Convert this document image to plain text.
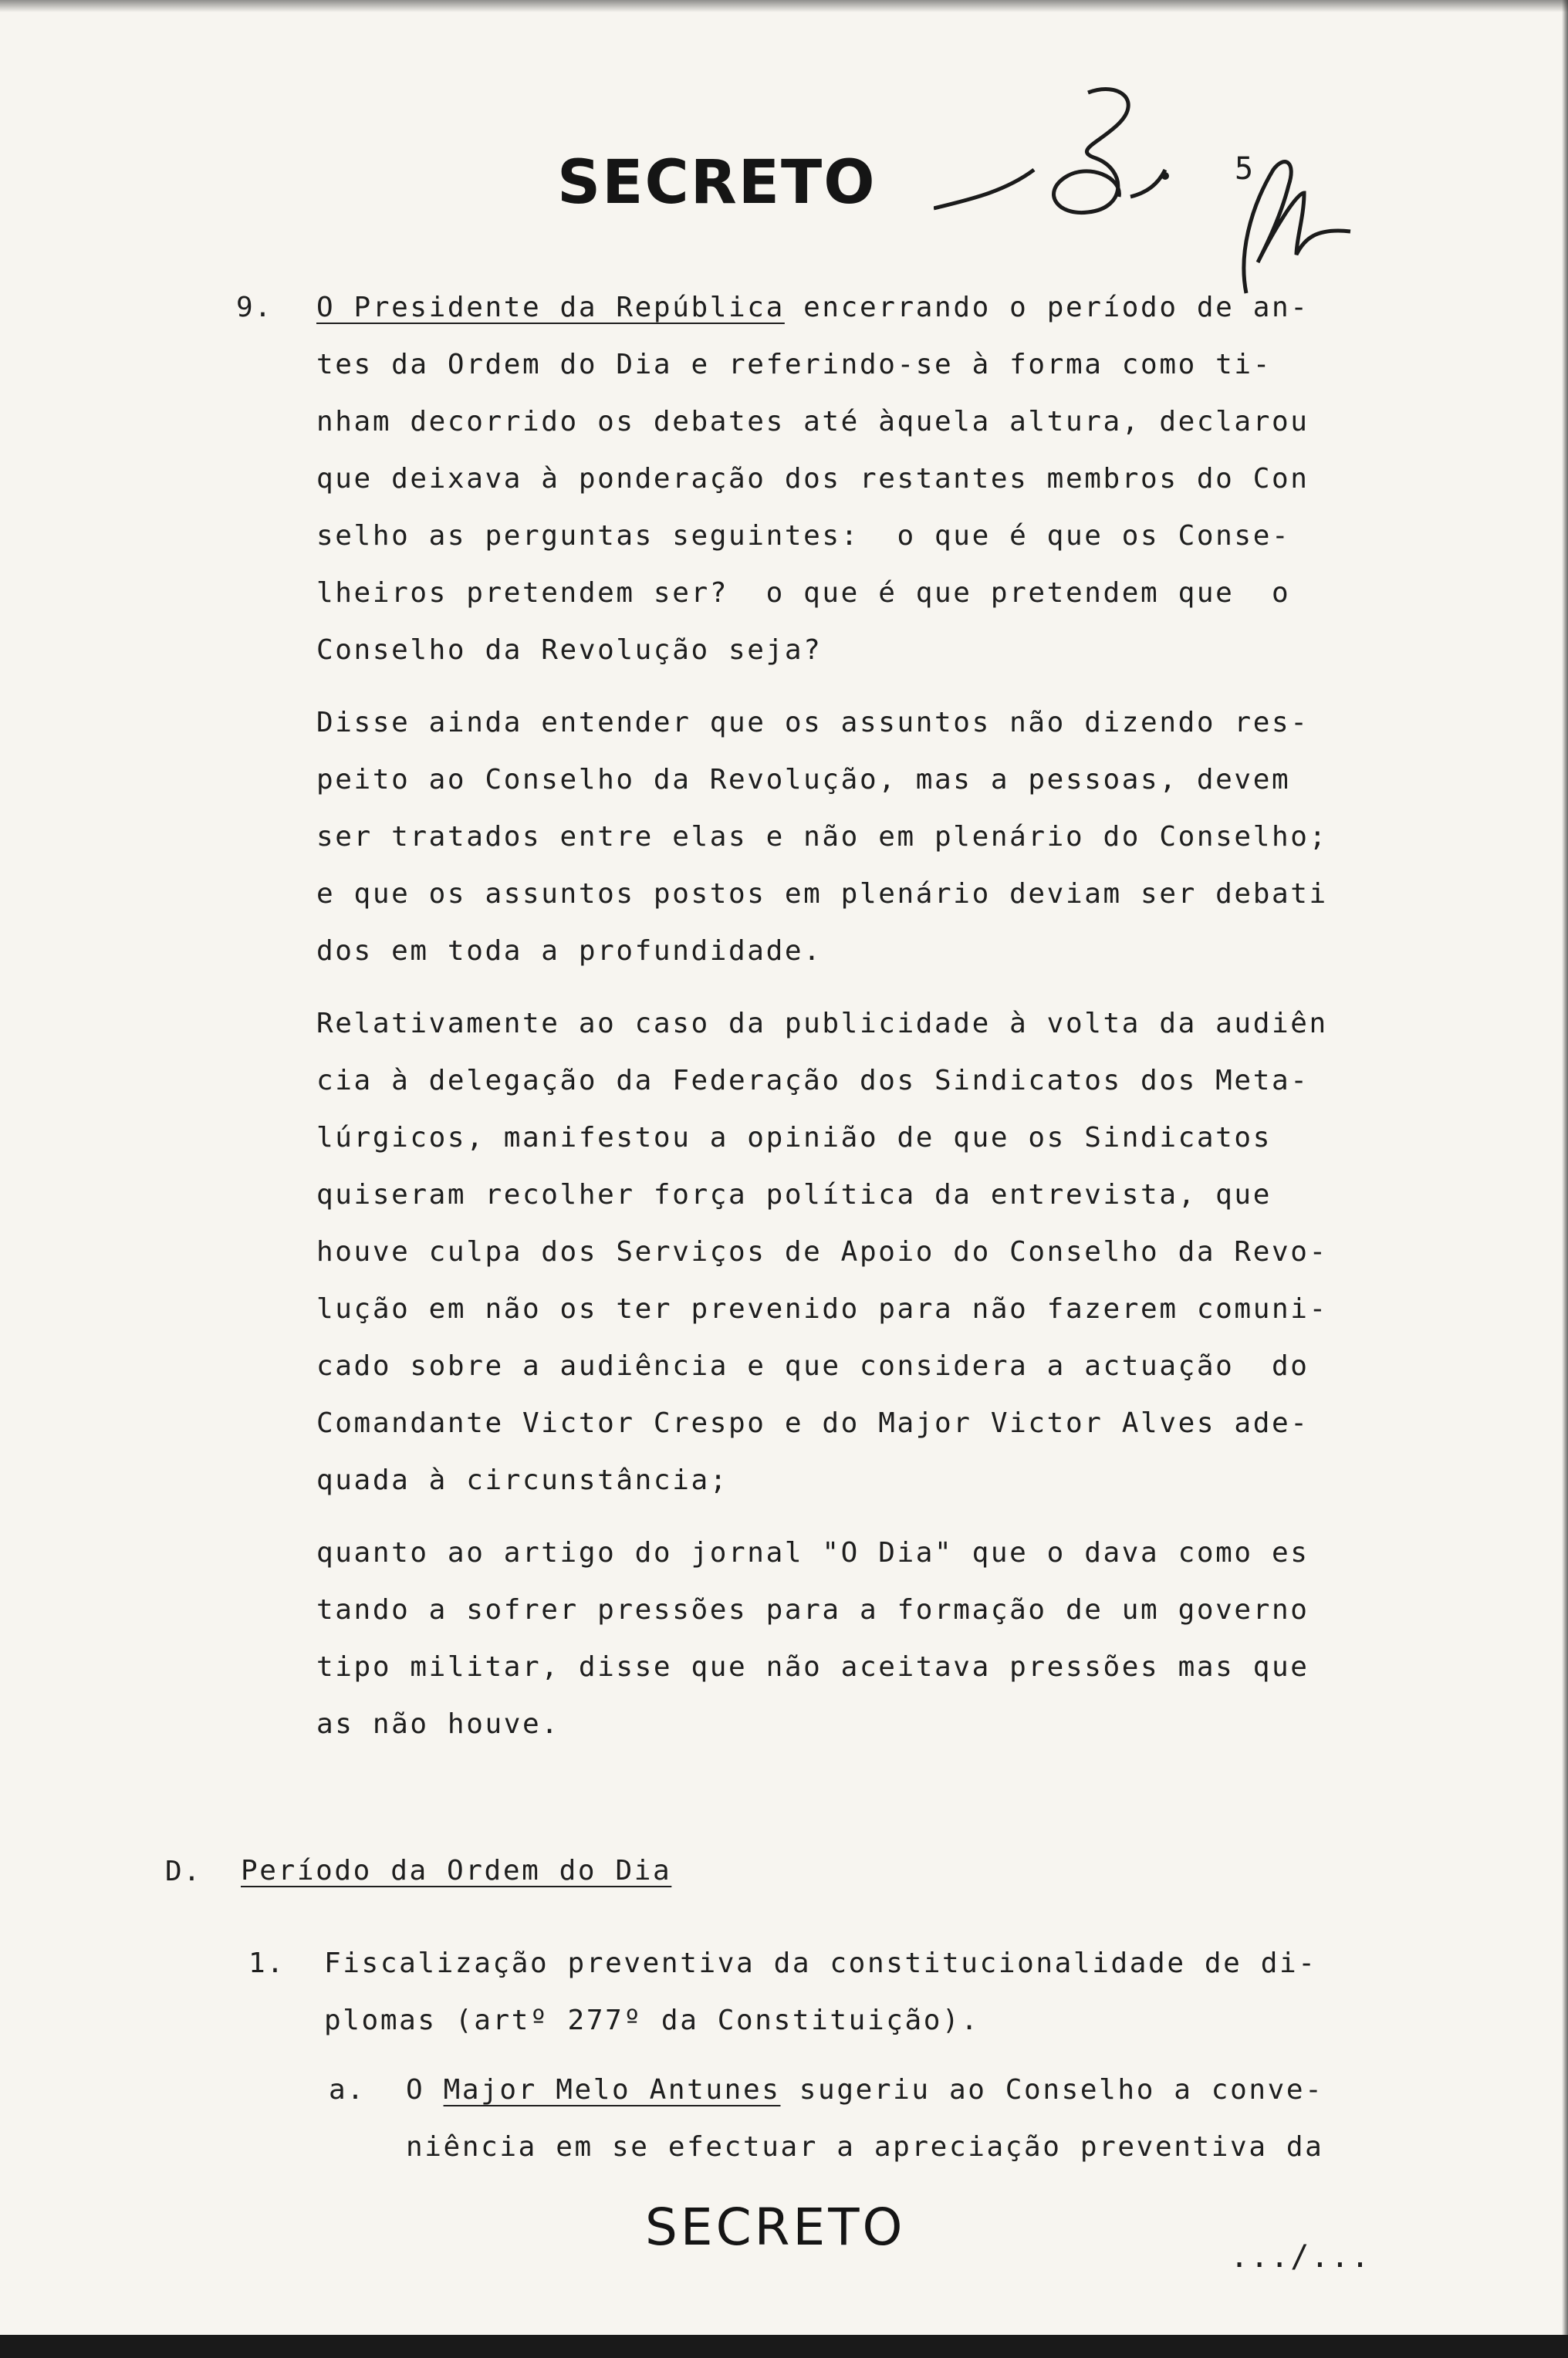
SECRETO	5
9. O Presidente da República encerrando o período de an-
tes da Ordem do Dia e referindo-se à forma como ti-
nham decorrido os debates até àquela altura, declarou
que deixava à ponderação dos restantes membros do Con
selho as perguntas seguintes:  o que é que os Conse-
lheiros pretendem ser?  o que é que pretendem que  o
Conselho da Revolução seja?
Disse ainda entender que os assuntos não dizendo res-
peito ao Conselho da Revolução, mas a pessoas, devem
ser tratados entre elas e não em plenário do Conselho;
e que os assuntos postos em plenário deviam ser debati
dos em toda a profundidade.
Relativamente ao caso da publicidade à volta da audiên
cia à delegação da Federação dos Sindicatos dos Meta-
lúrgicos, manifestou a opinião de que os Sindicatos
quiseram recolher força política da entrevista, que
houve culpa dos Serviços de Apoio do Conselho da Revo-
lução em não os ter prevenido para não fazerem comuni-
cado sobre a audiência e que considera a actuação  do
Comandante Victor Crespo e do Major Victor Alves ade-
quada à circunstância;
quanto ao artigo do jornal "O Dia" que o dava como es
tando a sofrer pressões para a formação de um governo
tipo militar, disse que não aceitava pressões mas que
as não houve.
D. Período da Ordem do Dia
1. Fiscalização preventiva da constitucionalidade de di-
plomas (artº 277º da Constituição).
a. O Major Melo Antunes sugeriu ao Conselho a conve-
niência em se efectuar a apreciação preventiva da
SECRETO	.../...
